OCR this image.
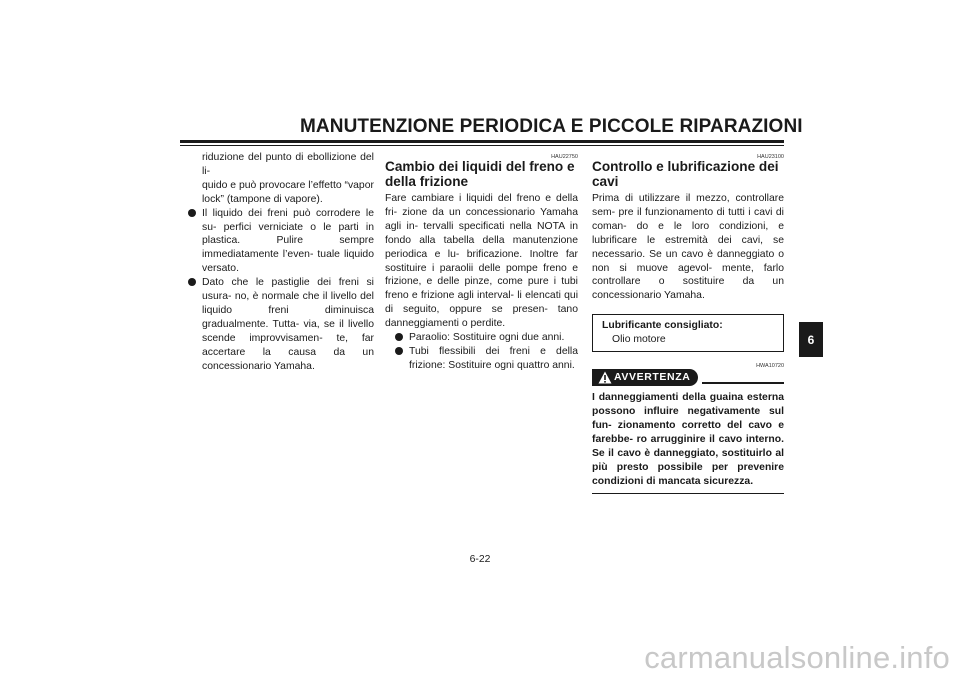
MANUTENZIONE PERIODICA E PICCOLE RIPARAZIONI
riduzione del punto di ebollizione del li-
quido e può provocare l’effetto “vapor
lock” (tampone di vapore).
Il liquido dei freni può corrodere le su- perfici verniciate o le parti in plastica. Pulire sempre immediatamente l’even- tuale liquido versato.
Dato che le pastiglie dei freni si usura- no, è normale che il livello del liquido freni diminuisca gradualmente. Tutta- via, se il livello scende improvvisamen- te, far accertare la causa da un concessionario Yamaha.
HAU22750
Cambio dei liquidi del freno e
della frizione
Fare cambiare i liquidi del freno e della fri- zione da un concessionario Yamaha agli in- tervalli specificati nella NOTA in fondo alla tabella della manutenzione periodica e lu- brificazione. Inoltre far sostituire i paraolii delle pompe freno e frizione, e delle pinze, come pure i tubi freno e frizione agli interval- li elencati qui di seguito, oppure se presen- tano danneggiamenti o perdite.
Paraolio: Sostituire ogni due anni.
Tubi flessibili dei freni e della frizione: Sostituire ogni quattro anni.
HAU23100
Controllo e lubrificazione dei
cavi
Prima di utilizzare il mezzo, controllare sem- pre il funzionamento di tutti i cavi di coman- do e le loro condizioni, e lubrificare le estremità dei cavi, se necessario. Se un cavo è danneggiato o non si muove agevol- mente, farlo controllare o sostituire da un concessionario Yamaha.
Lubrificante consigliato:
Olio motore
HWA10720
AVVERTENZA
I danneggiamenti della guaina esterna possono influire negativamente sul fun- zionamento corretto del cavo e farebbe- ro arrugginire il cavo interno. Se il cavo è danneggiato, sostituirlo al più presto possibile per prevenire condizioni di mancata sicurezza.
6
6-22
carmanualsonline.info
